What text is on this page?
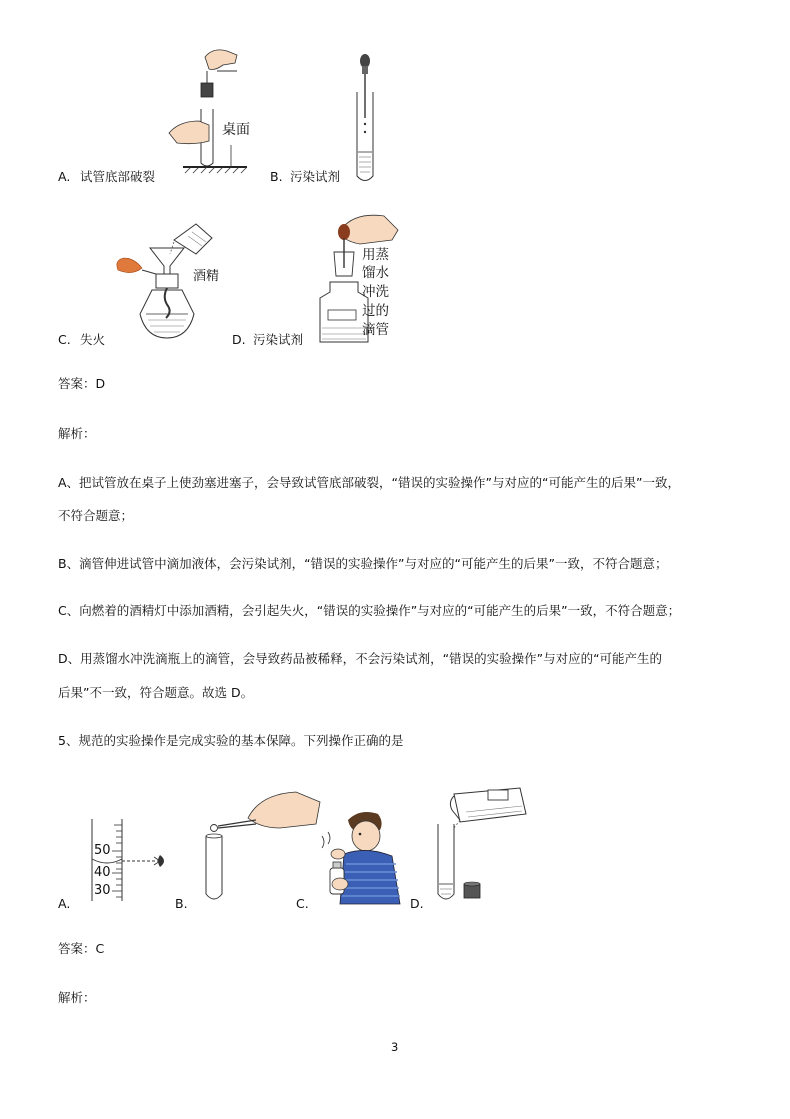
桌面
A. 试管底部破裂	B. 污染试剂
酒精
用蒸
馏水
冲洗
过的
滴管
C. 失火	D. 污染试剂
答案：D
解析：
A、把试管放在桌子上使劲塞进塞子，会导致试管底部破裂，“错误的实验操作”与对应的“可能产生的后果”一致，
不符合题意；
B、滴管伸进试管中滴加液体，会污染试剂，“错误的实验操作”与对应的“可能产生的后果”一致，不符合题意；
C、向燃着的酒精灯中添加酒精，会引起失火，“错误的实验操作”与对应的“可能产生的后果”一致，不符合题意；
D、用蒸馏水冲洗滴瓶上的滴管，会导致药品被稀释，不会污染试剂，“错误的实验操作”与对应的“可能产生的
后果”不一致，符合题意。故选 D。
5、规范的实验操作是完成实验的基本保障。下列操作正确的是
50
40
30
A.	B.	C.	D.
答案：C
解析：
3
